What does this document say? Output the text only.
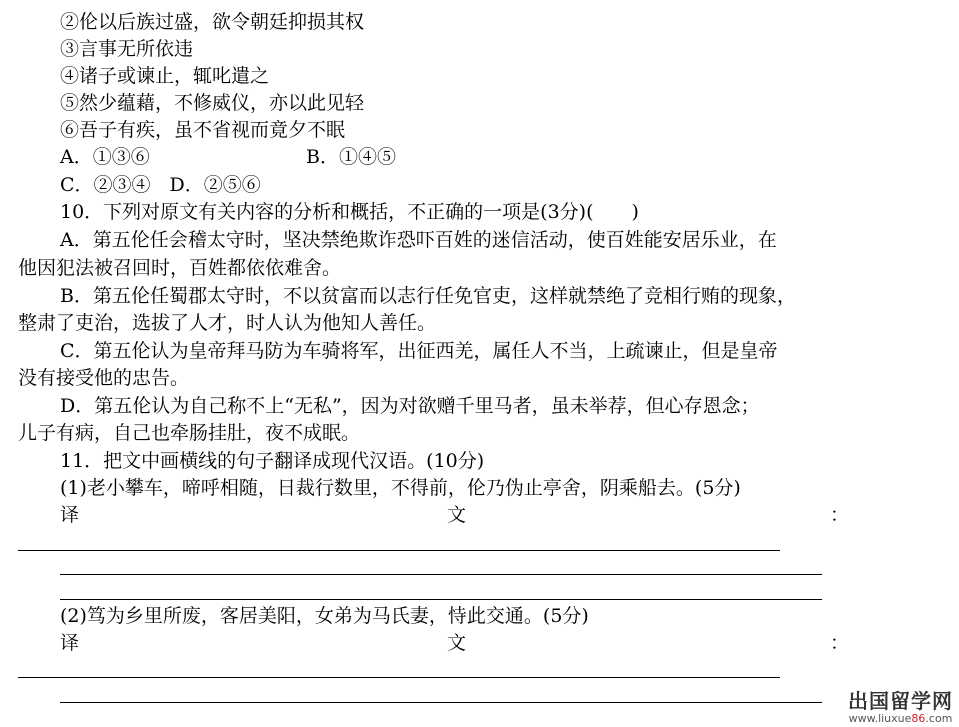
②伦以后族过盛，欲令朝廷抑损其权
③言事无所依违
④诸子或谏止，辄叱遣之
⑤然少蕴藉，不修威仪，亦以此见轻
⑥吾子有疾，虽不省视而竟夕不眠
A．①③⑥	B．①④⑤
C．②③④　D．②⑤⑥
10．下列对原文有关内容的分析和概括，不正确的一项是(3分)(　　)
A．第五伦任会稽太守时，坚决禁绝欺诈恐吓百姓的迷信活动，使百姓能安居乐业，在
他因犯法被召回时，百姓都依依难舍。
B．第五伦任蜀郡太守时，不以贫富而以志行任免官吏，这样就禁绝了竞相行贿的现象，
整肃了吏治，选拔了人才，时人认为他知人善任。
C．第五伦认为皇帝拜马防为车骑将军，出征西羌，属任人不当，上疏谏止，但是皇帝
没有接受他的忠告。
D．第五伦认为自己称不上“无私”，因为对欲赠千里马者，虽未举荐，但心存恩念；
儿子有病，自己也牵肠挂肚，夜不成眠。
11．把文中画横线的句子翻译成现代汉语。(10分)
(1)老小攀车，啼呼相随，日裁行数里，不得前，伦乃伪止亭舍，阴乘船去。(5分)
译	文	：
(2)笃为乡里所废，客居美阳，女弟为马氏妻，恃此交通。(5分)
译	文	：
出国留学网
www.liuxue86.com
